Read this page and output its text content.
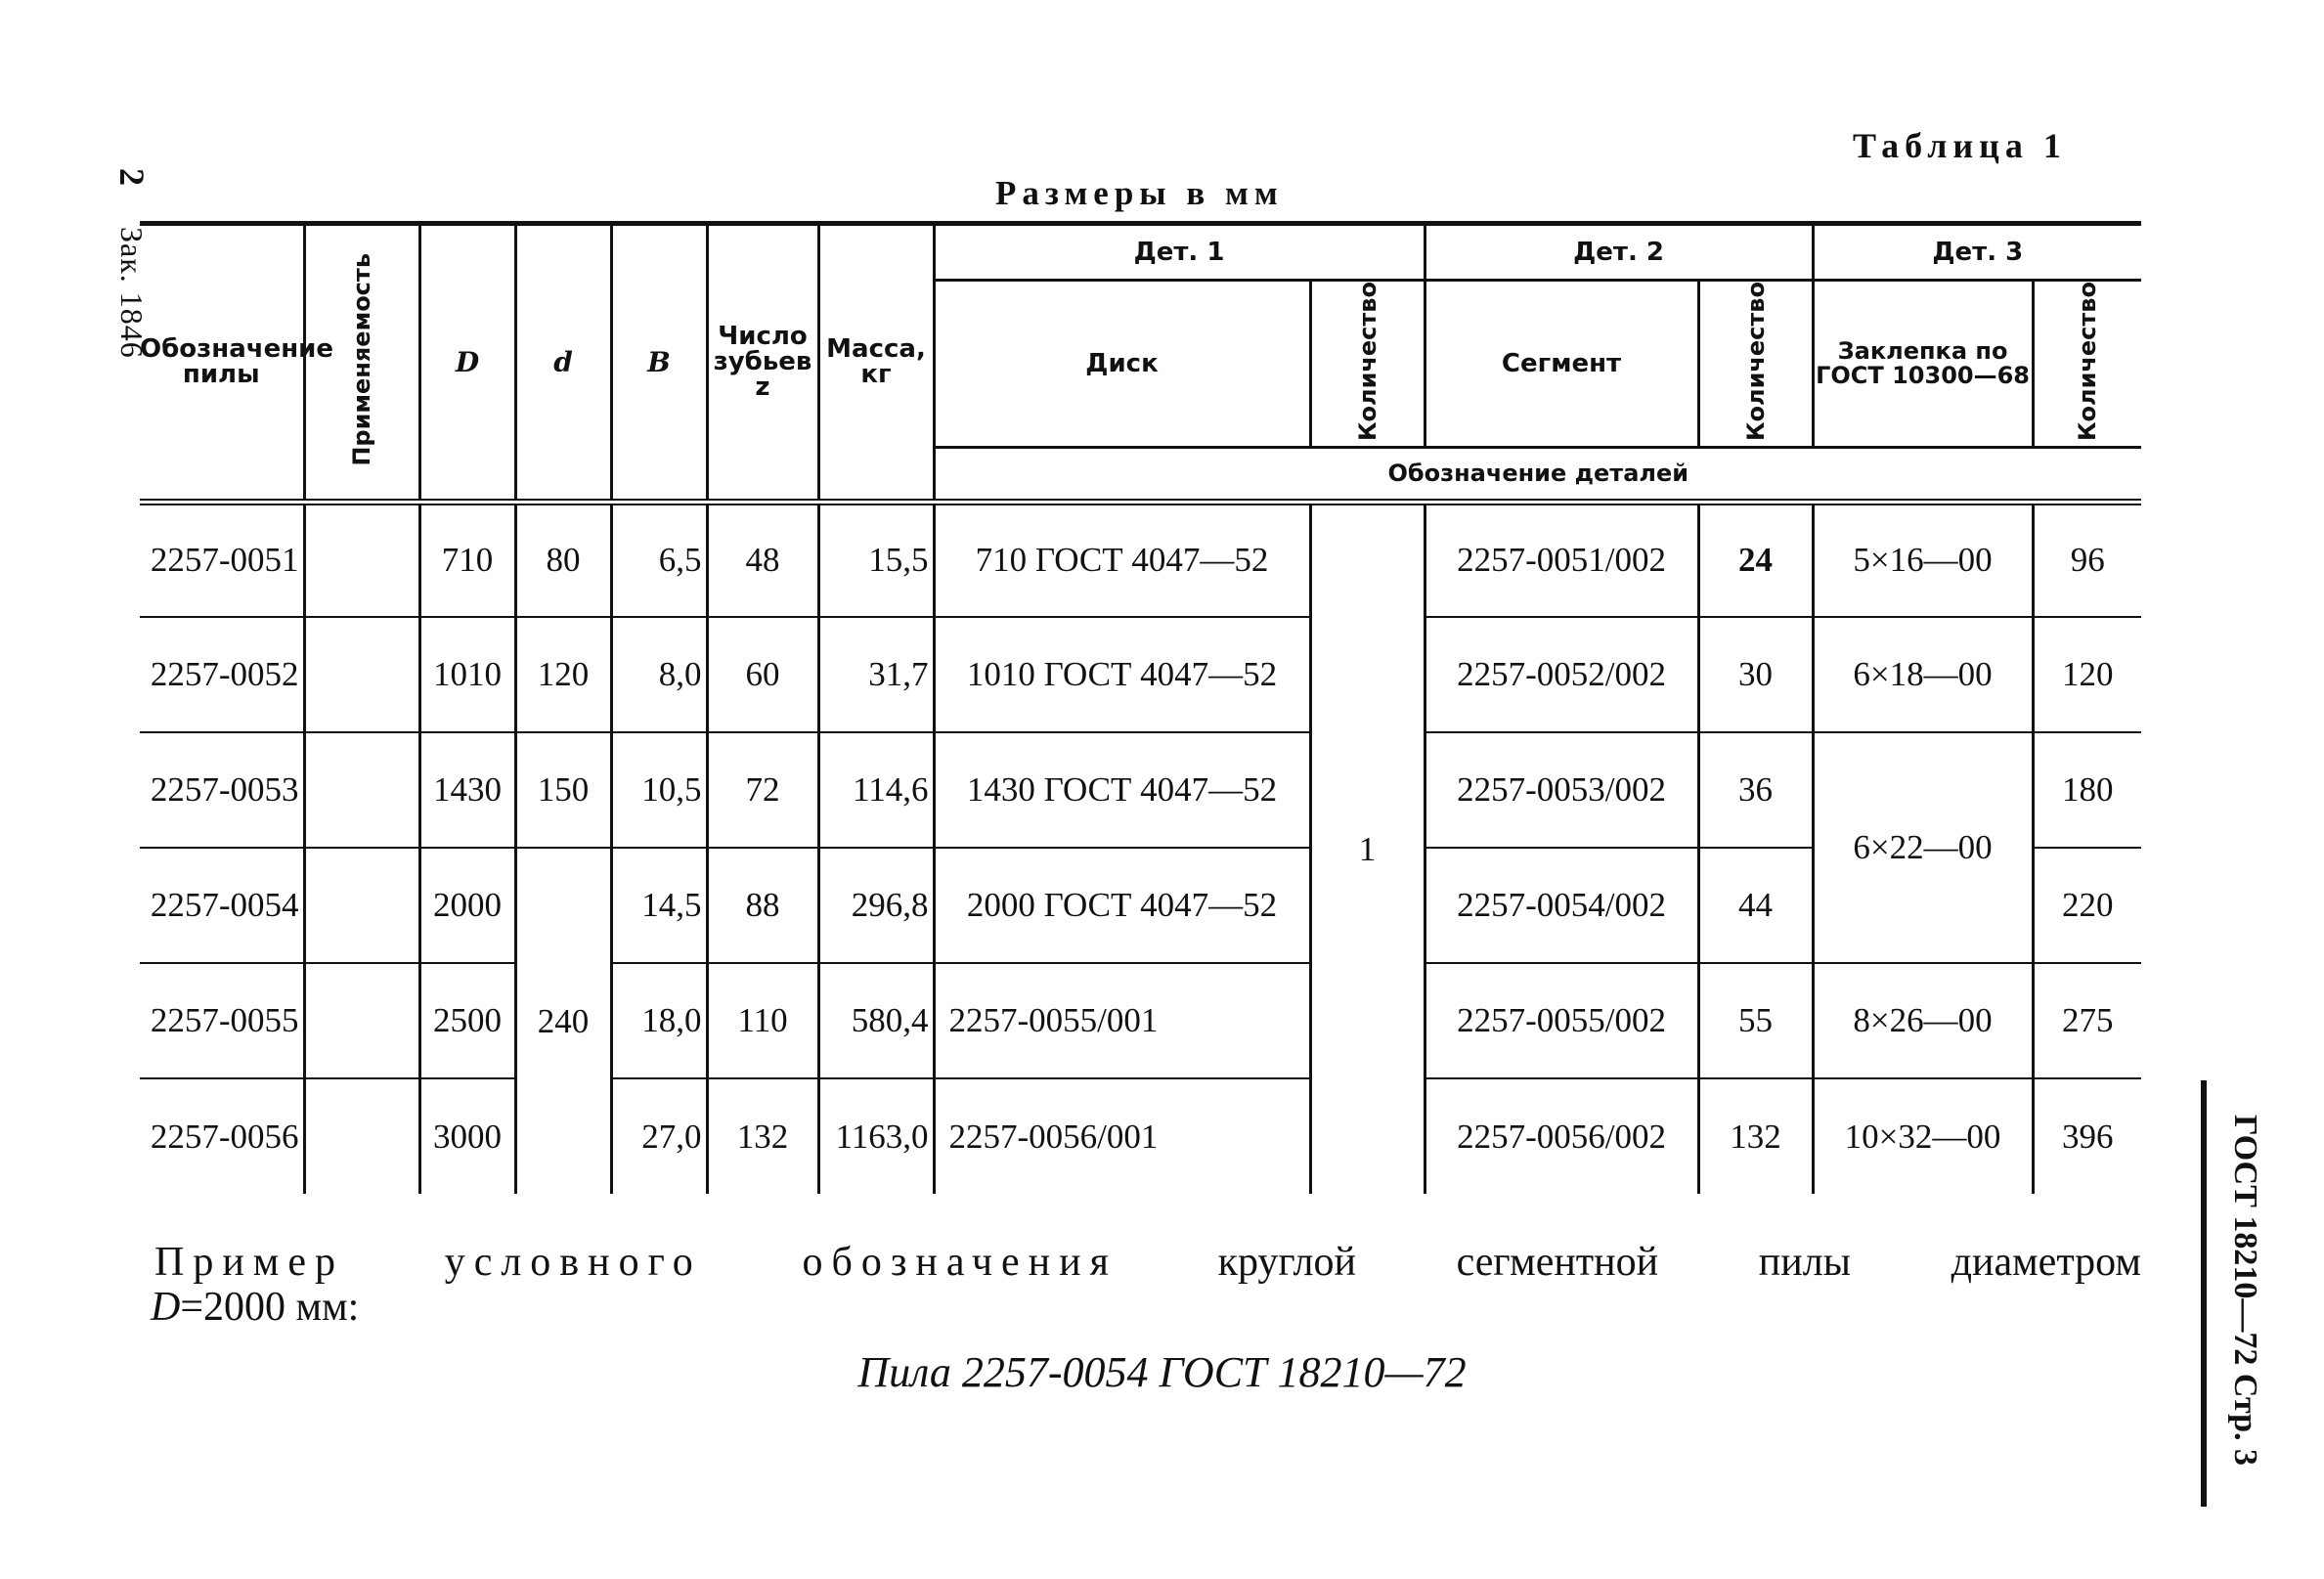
Таблица 1
Размеры в мм
2 Зак. 1846
ГОСТ 18210—72 Стр. 3
Обозначение пилы	Применяемость	D	d	B	Число зубьев z	Масса, кг	Дет. 1		Дет. 2		Дет. 3	
							Диск	Количество	Сегмент	Количество	Заклепка по ГОСТ 10300—68	Количество
							Обозначение деталей					

2257-0051		710	80	6,5	48	15,5	710 ГОСТ 4047—52	1	2257-0051/002	24	5×16—00	96
2257-0052		1010	120	8,0	60	31,7	1010 ГОСТ 4047—52		2257-0052/002	30	6×18—00	120
2257-0053		1430	150	10,5	72	114,6	1430 ГОСТ 4047—52		2257-0053/002	36	6×22—00	180
2257-0054		2000	240	14,5	88	296,8	2000 ГОСТ 4047—52		2257-0054/002	44		220
2257-0055		2500		18,0	110	580,4	2257-0055/001		2257-0055/002	55	8×26—00	275
2257-0056		3000		27,0	132	1163,0	2257-0056/001		2257-0056/002	132	10×32—00	396
Пример условного обозначения круглой сегментной пилы диаметром
D=2000 мм:
Пила 2257-0054 ГОСТ 18210—72
